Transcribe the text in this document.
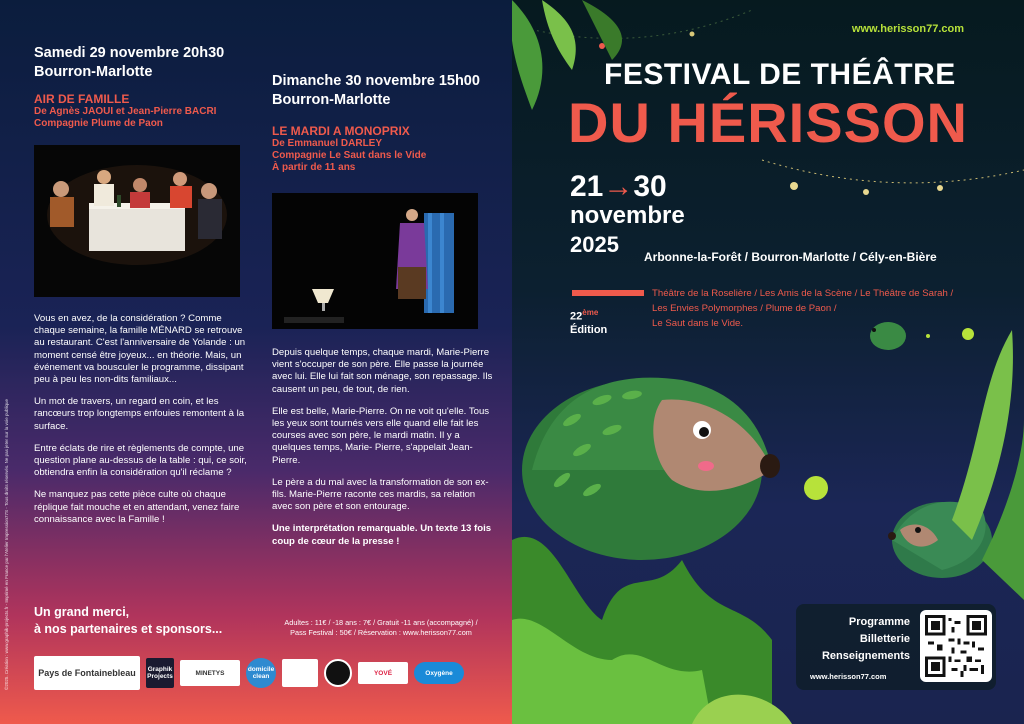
Samedi 29 novembre 20h30
Bourron-Marlotte
AIR DE FAMILLE
De Agnès JAOUI et Jean-Pierre BACRI
Compagnie Plume de Paon

Vous en avez, de la considération ? Comme chaque semaine, la famille MÉNARD se retrouve au restaurant. C'est l'anniversaire de Yolande : un moment censé être joyeux... en théorie. Mais, un événement va bousculer le programme, dissipant peu à peu les non-dits familiaux...

Un mot de travers, un regard en coin, et les rancœurs trop longtemps enfouies remontent à la surface.

Entre éclats de rire et règlements de compte, une question plane au-dessus de la table : qui, ce soir, obtiendra enfin la considération qu'il réclame ?

Ne manquez pas cette pièce culte où chaque réplique fait mouche et en attendant, venez faire connaissance avec la Famille !

Dimanche 30 novembre 15h00
Bourron-Marlotte
LE MARDI A MONOPRIX
De Emmanuel DARLEY
Compagnie Le Saut dans le Vide
À partir de 11 ans

Depuis quelque temps, chaque mardi, Marie-Pierre vient s'occuper de son père. Elle passe la journée avec lui. Elle lui fait son ménage, son repassage. Ils causent un peu, de tout, de rien.

Elle est belle, Marie-Pierre. On ne voit qu'elle. Tous les yeux sont tournés vers elle quand elle fait les courses avec son père, le mardi matin. Il y a quelques temps, Marie- Pierre, s'appelait Jean-Pierre.

Le père a du mal avec la transformation de son ex-fils. Marie-Pierre raconte ces mardis, sa relation avec son père et son entourage.

Une interprétation remarquable. Un texte 13 fois coup de cœur de la presse !

Un grand merci,
à nos partenaires et sponsors...	Adultes : 11€ / -18 ans : 7€ / Gratuit -11 ans (accompagné) /
Pass Festival : 50€ / Réservation : www.herisson77.com
Pays de Fontainebleau	Graphik Projects	MINETYS	domicile clean	YOVÉ	Oxygène
©2025. Création : www.graphik-projects.fr - Imprimé en France par l'Atelier Impression77S - Tous droits réservés. Ne pas jeter sur la voie publique
www.herisson77.com
FESTIVAL DE THÉÂTRE
DU HÉRISSON
21→30
novembre
2025	Arbonne-la-Forêt / Bourron-Marlotte / Cély-en-Bière
22ème
Édition
Théâtre de la Roselière / Les Amis de la Scène / Le Théâtre de Sarah /
Les Envies Polymorphes / Plume de Paon /
Le Saut dans le Vide.
Programme
Billetterie
Renseignements
www.herisson77.com
